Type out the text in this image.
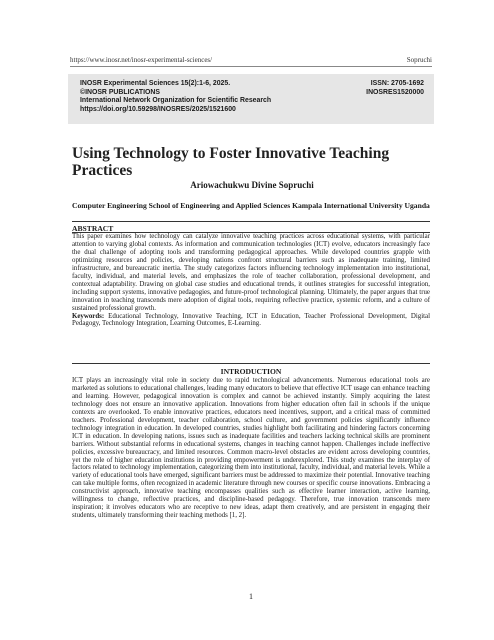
https://www.inosr.net/inosr-experimental-sciences/	Sopruchi
INOSR Experimental Sciences 15(2):1-6, 2025.
©INOSR PUBLICATIONS
International Network Organization for Scientific Research
https://doi.org/10.59298/INOSRES/2025/1521600
ISSN: 2705-1692
INOSRES1520000
Using Technology to Foster Innovative Teaching Practices
Ariowachukwu Divine Sopruchi
Computer Engineering School of Engineering and Applied Sciences Kampala International University Uganda
ABSTRACT
This paper examines how technology can catalyze innovative teaching practices across educational systems, with particular attention to varying global contexts. As information and communication technologies (ICT) evolve, educators increasingly face the dual challenge of adopting tools and transforming pedagogical approaches. While developed countries grapple with optimizing resources and policies, developing nations confront structural barriers such as inadequate training, limited infrastructure, and bureaucratic inertia. The study categorizes factors influencing technology implementation into institutional, faculty, individual, and material levels, and emphasizes the role of teacher collaboration, professional development, and contextual adaptability. Drawing on global case studies and educational trends, it outlines strategies for successful integration, including support systems, innovative pedagogies, and future-proof technological planning. Ultimately, the paper argues that true innovation in teaching transcends mere adoption of digital tools, requiring reflective practice, systemic reform, and a culture of sustained professional growth.
Keywords: Educational Technology, Innovative Teaching, ICT in Education, Teacher Professional Development, Digital Pedagogy, Technology Integration, Learning Outcomes, E-Learning.
INTRODUCTION
ICT plays an increasingly vital role in society due to rapid technological advancements. Numerous educational tools are marketed as solutions to educational challenges, leading many educators to believe that effective ICT usage can enhance teaching and learning. However, pedagogical innovation is complex and cannot be achieved instantly. Simply acquiring the latest technology does not ensure an innovative application. Innovations from higher education often fail in schools if the unique contexts are overlooked. To enable innovative practices, educators need incentives, support, and a critical mass of committed teachers. Professional development, teacher collaboration, school culture, and government policies significantly influence technology integration in education. In developed countries, studies highlight both facilitating and hindering factors concerning ICT in education. In developing nations, issues such as inadequate facilities and teachers lacking technical skills are prominent barriers. Without substantial reforms in educational systems, changes in teaching cannot happen. Challenges include ineffective policies, excessive bureaucracy, and limited resources. Common macro-level obstacles are evident across developing countries, yet the role of higher education institutions in providing empowerment is underexplored. This study examines the interplay of factors related to technology implementation, categorizing them into institutional, faculty, individual, and material levels. While a variety of educational tools have emerged, significant barriers must be addressed to maximize their potential. Innovative teaching can take multiple forms, often recognized in academic literature through new courses or specific course innovations. Embracing a constructivist approach, innovative teaching encompasses qualities such as effective learner interaction, active learning, willingness to change, reflective practices, and discipline-based pedagogy. Therefore, true innovation transcends mere inspiration; it involves educators who are receptive to new ideas, adapt them creatively, and are persistent in engaging their students, ultimately transforming their teaching methods [1, 2].
1
